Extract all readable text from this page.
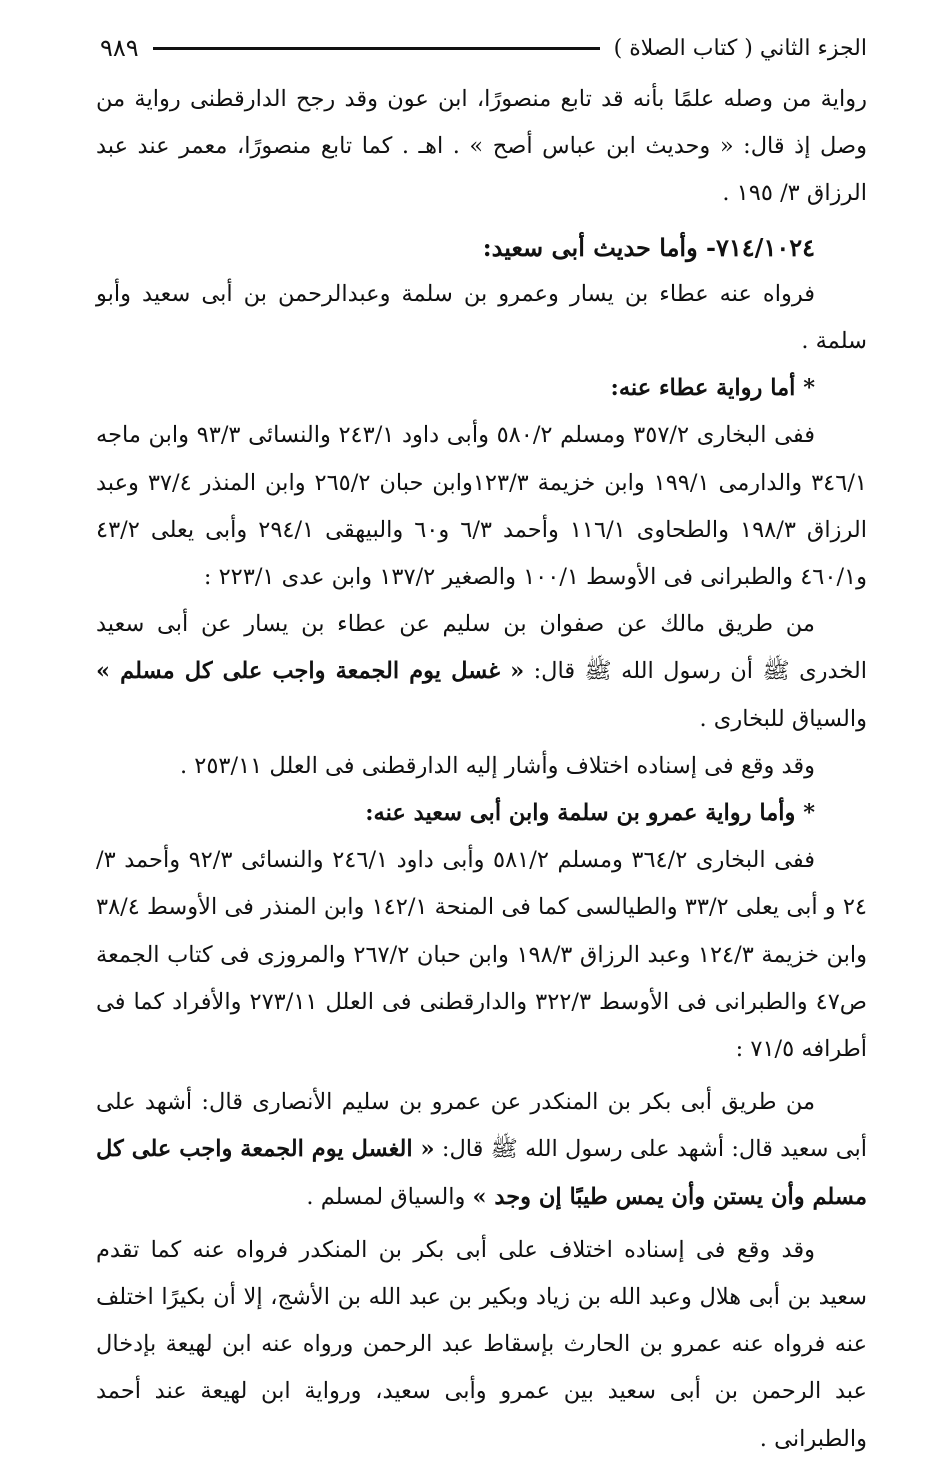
الجزء الثاني ( كتاب الصلاة )
٩٨٩

رواية من وصله علمًا بأنه قد تابع منصورًا، ابن عون وقد رجح الدارقطنى رواية من وصل إذ قال: « وحديث ابن عباس أصح » . اهـ . كما تابع منصورًا، معمر عند عبد الرزاق ٣/ ١٩٥ .

٧١٤/١٠٢٤- وأما حديث أبى سعيد:

فرواه عنه عطاء بن يسار وعمرو بن سلمة وعبدالرحمن بن أبى سعيد وأبو سلمة .

* أما رواية عطاء عنه:

ففى البخارى ٣٥٧/٢ ومسلم ٥٨٠/٢ وأبى داود ٢٤٣/١ والنسائى ٩٣/٣ وابن ماجه ٣٤٦/١ والدارمى ١٩٩/١ وابن خزيمة ١٢٣/٣وابن حبان ٢٦٥/٢ وابن المنذر ٣٧/٤ وعبد الرزاق ١٩٨/٣ والطحاوى ١١٦/١ وأحمد ٦/٣ و٦٠ والبيهقى ٢٩٤/١ وأبى يعلى ٤٣/٢ و٤٦٠/١ والطبرانى فى الأوسط ١٠٠/١ والصغير ١٣٧/٢ وابن عدى ٢٢٣/١ :

من طريق مالك عن صفوان بن سليم عن عطاء بن يسار عن أبى سعيد الخدرى ﷺ أن رسول الله ﷺ قال: « غسل يوم الجمعة واجب على كل مسلم » والسياق للبخارى .

وقد وقع فى إسناده اختلاف وأشار إليه الدارقطنى فى العلل ٢٥٣/١١ .

* وأما رواية عمرو بن سلمة وابن أبى سعيد عنه:

ففى البخارى ٣٦٤/٢ ومسلم ٥٨١/٢ وأبى داود ٢٤٦/١ والنسائى ٩٢/٣ وأحمد ٣/ ٢٤ و أبى يعلى ٣٣/٢ والطيالسى كما فى المنحة ١٤٢/١ وابن المنذر فى الأوسط ٣٨/٤ وابن خزيمة ١٢٤/٣ وعبد الرزاق ١٩٨/٣ وابن حبان ٢٦٧/٢ والمروزى فى كتاب الجمعة ص٤٧ والطبرانى فى الأوسط ٣٢٢/٣ والدارقطنى فى العلل ٢٧٣/١١ والأفراد كما فى أطرافه ٧١/٥ :

من طريق أبى بكر بن المنكدر عن عمرو بن سليم الأنصارى قال: أشهد على أبى سعيد قال: أشهد على رسول الله ﷺ قال: « الغسل يوم الجمعة واجب على كل مسلم وأن يستن وأن يمس طيبًا إن وجد » والسياق لمسلم .

وقد وقع فى إسناده اختلاف على أبى بكر بن المنكدر فرواه عنه كما تقدم سعيد بن أبى هلال وعبد الله بن زياد وبكير بن عبد الله بن الأشج، إلا أن بكيرًا اختلف عنه فرواه عنه عمرو بن الحارث بإسقاط عبد الرحمن ورواه عنه ابن لهيعة بإدخال عبد الرحمن بن أبى سعيد بين عمرو وأبى سعيد، ورواية ابن لهيعة عند أحمد والطبرانى .
